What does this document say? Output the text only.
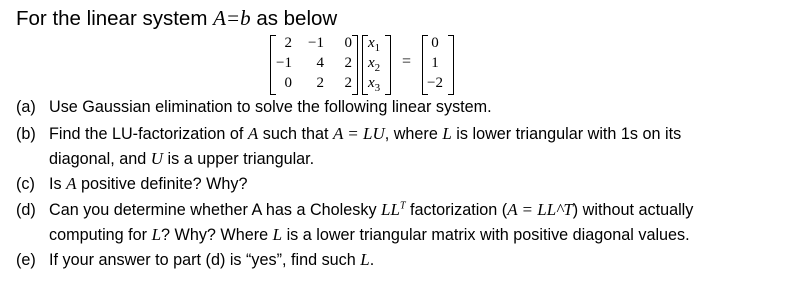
For the linear system A=b as below
2	−1	0
−1	4	2
0	2	2
$x_1$
$x_2$
$x_3$
=
0
1
−2
(a) Use Gaussian elimination to solve the following linear system.
(b) Find the LU-factorization of A such that A = LU, where L is lower triangular with 1s on its
diagonal, and U is a upper triangular.
(c) Is A positive definite? Why?
(d) Can you determine whether A has a Cholesky $LL^T$ factorization (A = LL^T) without actually
computing for L? Why? Where L is a lower triangular matrix with positive diagonal values.
(e) If your answer to part (d) is “yes”, find such L.
